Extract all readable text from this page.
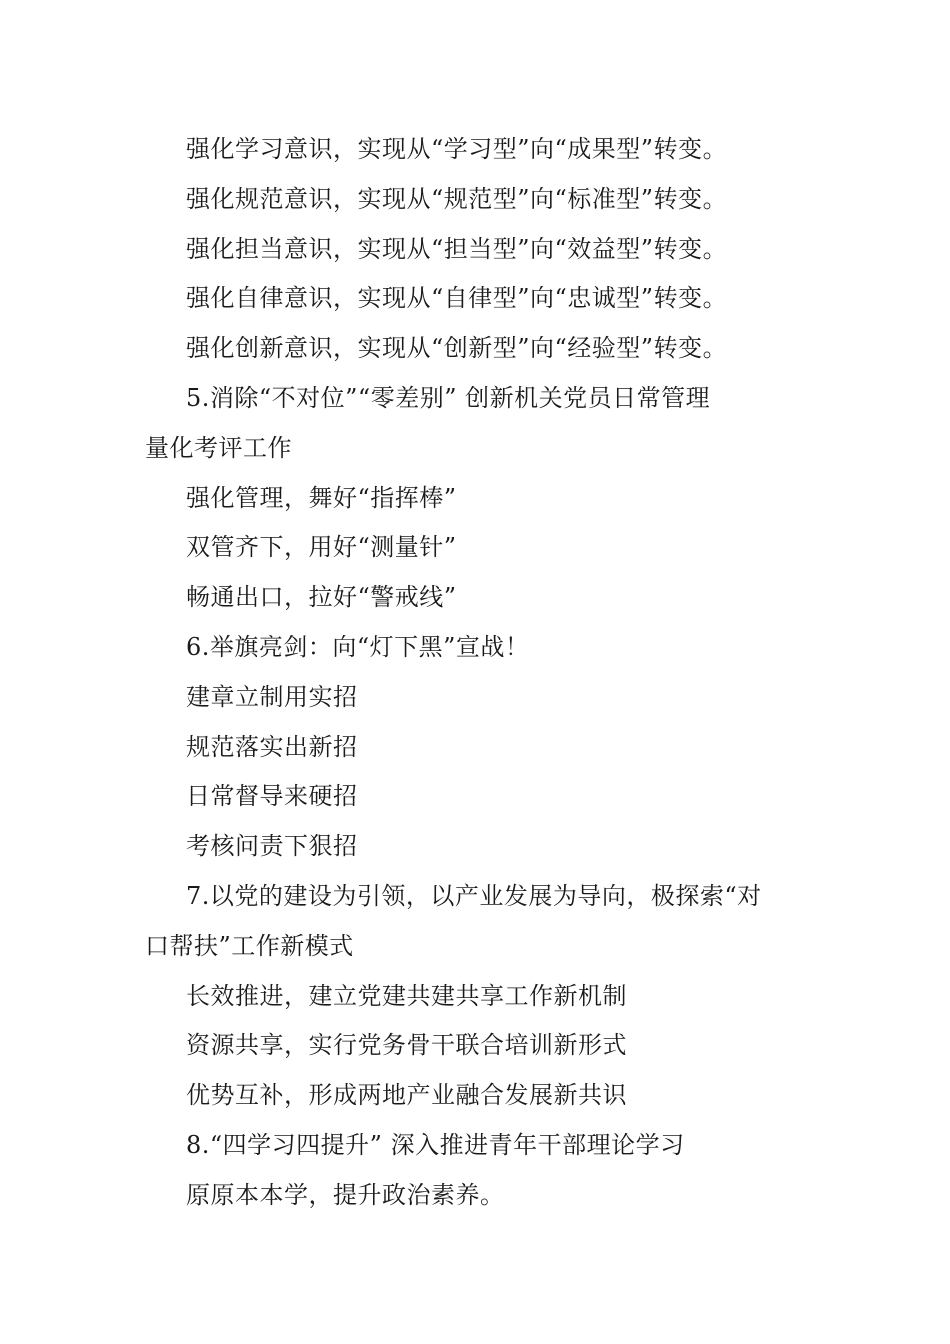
强化学习意识，实现从“学习型”向“成果型”转变。
强化规范意识，实现从“规范型”向“标准型”转变。
强化担当意识，实现从“担当型”向“效益型”转变。
强化自律意识，实现从“自律型”向“忠诚型”转变。
强化创新意识，实现从“创新型”向“经验型”转变。
5.消除“不对位”“零差别” 创新机关党员日常管理
量化考评工作
强化管理，舞好“指挥棒”
双管齐下，用好“测量针”
畅通出口，拉好“警戒线”
6.举旗亮剑：向“灯下黑”宣战！
建章立制用实招
规范落实出新招
日常督导来硬招
考核问责下狠招
7.以党的建设为引领，以产业发展为导向，极探索“对
口帮扶”工作新模式
长效推进，建立党建共建共享工作新机制
资源共享，实行党务骨干联合培训新形式
优势互补，形成两地产业融合发展新共识
8.“四学习四提升” 深入推进青年干部理论学习
原原本本学，提升政治素养。
